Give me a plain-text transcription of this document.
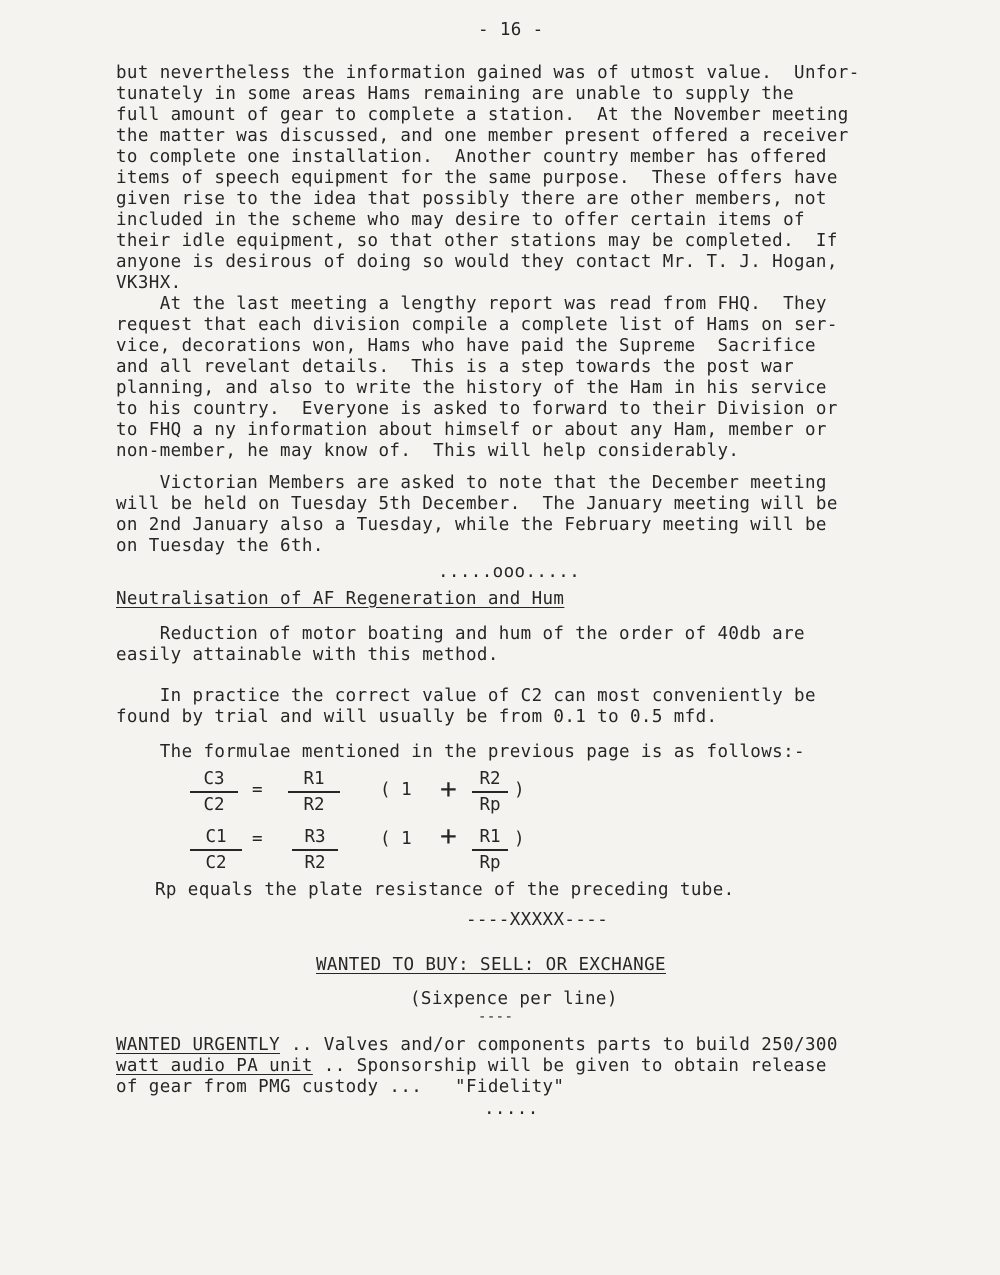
- 16 -
but nevertheless the information gained was of utmost value.  Unfor-
tunately in some areas Hams remaining are unable to supply the
full amount of gear to complete a station.  At the November meeting
the matter was discussed, and one member present offered a receiver
to complete one installation.  Another country member has offered
items of speech equipment for the same purpose.  These offers have
given rise to the idea that possibly there are other members, not
included in the scheme who may desire to offer certain items of
their idle equipment, so that other stations may be completed.  If
anyone is desirous of doing so would they contact Mr. T. J. Hogan,
VK3HX.
At the last meeting a lengthy report was read from FHQ.  They
request that each division compile a complete list of Hams on ser-
vice, decorations won, Hams who have paid the Supreme  Sacrifice
and all revelant details.  This is a step towards the post war
planning, and also to write the history of the Ham in his service
to his country.  Everyone is asked to forward to their Division or
to FHQ a ny information about himself or about any Ham, member or
non-member, he may know of.  This will help considerably.
Victorian Members are asked to note that the December meeting
will be held on Tuesday 5th December.  The January meeting will be
on 2nd January also a Tuesday, while the February meeting will be
on Tuesday the 6th.
.....ooo.....
Neutralisation of AF Regeneration and Hum
Reduction of motor boating and hum of the order of 40db are
easily attainable with this method.
In practice the correct value of C2 can most conveniently be
found by trial and will usually be from 0.1 to 0.5 mfd.
The formulae mentioned in the previous page is as follows:-
C3
C2
=
R1
R2
( 1 +	R2
Rp
)
C1
C2
=	R3
R2
( 1 +	R1
Rp
)
Rp equals the plate resistance of the preceding tube.
----XXXXX----
WANTED TO BUY: SELL: OR EXCHANGE
(Sixpence per line)
----
WANTED URGENTLY .. Valves and/or components parts to build 250/300
watt audio PA unit .. Sponsorship will be given to obtain release
of gear from PMG custody ...   "Fidelity"
.....
